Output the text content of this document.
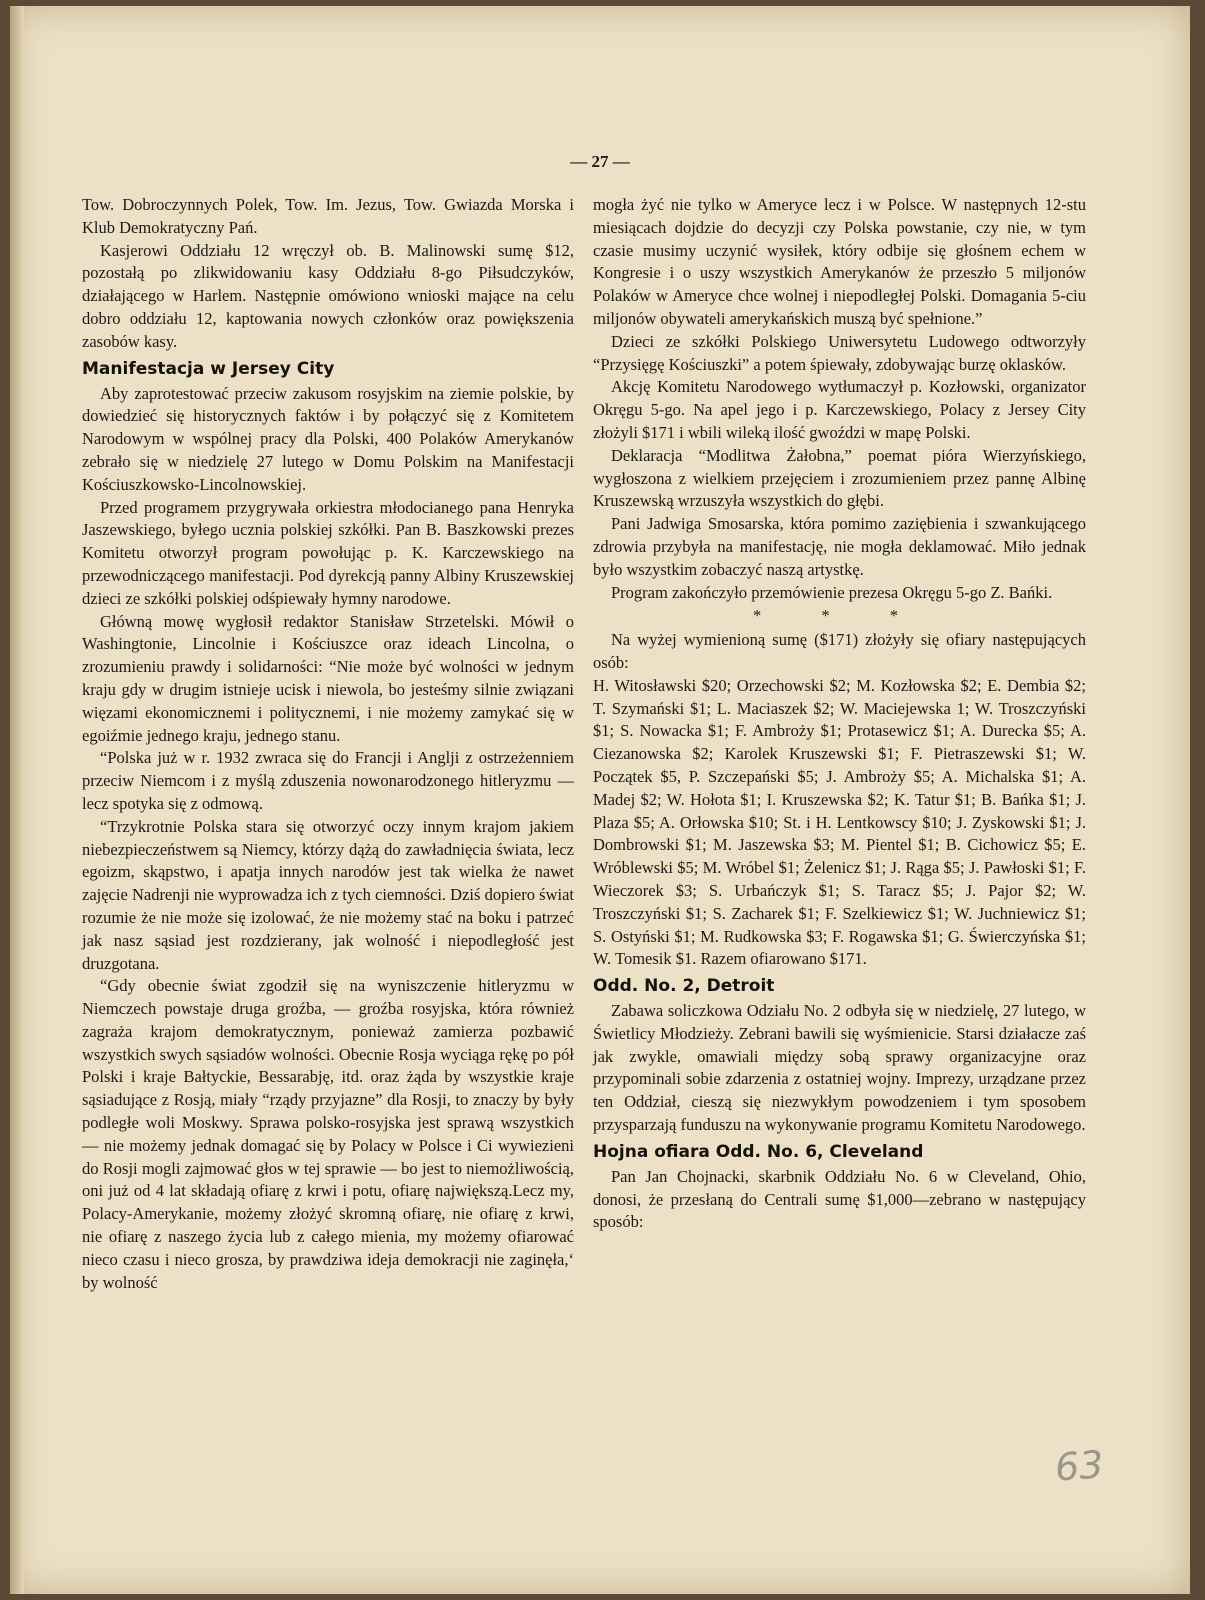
— 27 —

Tow. Dobroczynnych Polek, Tow. Im. Jezus, Tow. Gwiazda Morska i Klub Demokratyczny Pań.

Kasjerowi Oddziału 12 wręczył ob. B. Malinowski sumę $12, pozostałą po zlikwidowaniu kasy Oddziału 8-go Piłsudczyków, działającego w Harlem. Następnie omówiono wnioski mające na celu dobro oddziału 12, kaptowania nowych członków oraz powiększenia zasobów kasy.

Manifestacja w Jersey City

Aby zaprotestować przeciw zakusom rosyjskim na ziemie polskie, by dowiedzieć się historycznych faktów i by połączyć się z Komitetem Narodowym w wspólnej pracy dla Polski, 400 Polaków Amerykanów zebrało się w niedzielę 27 lutego w Domu Polskim na Manifestacji Kościuszkowsko-Lincolnowskiej.

Przed programem przygrywała orkiestra młodocianego pana Henryka Jaszewskiego, byłego ucznia polskiej szkółki. Pan B. Baszkowski prezes Komitetu otworzył program powołując p. K. Karczewskiego na przewodniczącego manifestacji. Pod dyrekcją panny Albiny Kruszewskiej dzieci ze szkółki polskiej odśpiewały hymny narodowe.

Główną mowę wygłosił redaktor Stanisław Strzetelski. Mówił o Washingtonie, Lincolnie i Kościuszce oraz ideach Lincolna, o zrozumieniu prawdy i solidarności: “Nie może być wolności w jednym kraju gdy w drugim istnieje ucisk i niewola, bo jesteśmy silnie związani więzami ekonomicznemi i politycznemi, i nie możemy zamykać się w egoiźmie jednego kraju, jednego stanu.

“Polska już w r. 1932 zwraca się do Francji i Anglji z ostrzeżenniem przeciw Niemcom i z myślą zduszenia nowonarodzonego hitleryzmu — lecz spotyka się z odmową.

“Trzykrotnie Polska stara się otworzyć oczy innym krajom jakiem niebezpieczeństwem są Niemcy, którzy dążą do zawładnięcia świata, lecz egoizm, skąpstwo, i apatja innych narodów jest tak wielka że nawet zajęcie Nadrenji nie wyprowadza ich z tych ciemności. Dziś dopiero świat rozumie że nie może się izolować, że nie możemy stać na boku i patrzeć jak nasz sąsiad jest rozdzierany, jak wolność i niepodległość jest druzgotana.

“Gdy obecnie świat zgodził się na wyniszczenie hitleryzmu w Niemczech powstaje druga groźba, — groźba rosyjska, która również zagraża krajom demokratycznym, ponieważ zamierza pozbawić wszystkich swych sąsiadów wolności. Obecnie Rosja wyciąga rękę po pół Polski i kraje Bałtyckie, Bessarabję, itd. oraz żąda by wszystkie kraje sąsiadujące z Rosją, miały “rządy przyjazne” dla Rosji, to znaczy by były podległe woli Moskwy. Sprawa polsko-rosyjska jest sprawą wszystkich — nie możemy jednak domagać się by Polacy w Polsce i Ci wywiezieni do Rosji mogli zajmować głos w tej sprawie — bo jest to niemożliwością, oni już od 4 lat składają ofiarę z krwi i potu, ofiarę największą.Lecz my, Polacy-Amerykanie, możemy złożyć skromną ofiarę, nie ofiarę z krwi, nie ofiarę z naszego życia lub z całego mienia, my możemy ofiarować nieco czasu i nieco grosza, by prawdziwa ideja demokracji nie zaginęła,‘ by wolność

mogła żyć nie tylko w Ameryce lecz i w Polsce. W następnych 12-stu miesiącach dojdzie do decyzji czy Polska powstanie, czy nie, w tym czasie musimy uczynić wysiłek, który odbije się głośnem echem w Kongresie i o uszy wszystkich Amerykanów że przeszło 5 miljonów Polaków w Ameryce chce wolnej i niepodległej Polski. Domagania 5-ciu miljonów obywateli amerykańskich muszą być spełnione.”

Dzieci ze szkółki Polskiego Uniwersytetu Ludowego odtworzyły “Przysięgę Kościuszki” a potem śpiewały, zdobywając burzę oklasków.

Akcję Komitetu Narodowego wytłumaczył p. Kozłowski, organizator Okręgu 5-go. Na apel jego i p. Karczewskiego, Polacy z Jersey City złożyli $171 i wbili wileką ilość gwoździ w mapę Polski.

Deklaracja “Modlitwa Żałobna,” poemat pióra Wierzyńskiego, wygłoszona z wielkiem przejęciem i zrozumieniem przez pannę Albinę Kruszewską wrzuszyła wszystkich do głębi.

Pani Jadwiga Smosarska, która pomimo zaziębienia i szwankującego zdrowia przybyła na manifestację, nie mogła deklamować. Miło jednak było wszystkim zobaczyć naszą artystkę.

Program zakończyło przemówienie prezesa Okręgu 5-go Z. Bańki.

* * *

Na wyżej wymienioną sumę ($171) złożyły się ofiary następujących osób:

H. Witosławski $20; Orzechowski $2; M. Kozłowska $2; E. Dembia $2; T. Szymański $1; L. Maciaszek $2; W. Maciejewska 1; W. Troszczyński $1; S. Nowacka $1; F. Ambroży $1; Protasewicz $1; A. Durecka $5; A. Ciezanowska $2; Karolek Kruszewski $1; F. Pietraszewski $1; W. Początek $5, P. Szczepański $5; J. Ambroży $5; A. Michalska $1; A. Madej $2; W. Hołota $1; I. Kruszewska $2; K. Tatur $1; B. Bańka $1; J. Plaza $5; A. Orłowska $10; St. i H. Lentkowscy $10; J. Zyskowski $1; J. Dombrowski $1; M. Jaszewska $3; M. Pientel $1; B. Cichowicz $5; E. Wróblewski $5; M. Wróbel $1; Żelenicz $1; J. Rąga $5; J. Pawłoski $1; F. Wieczorek $3; S. Urbańczyk $1; S. Taracz $5; J. Pajor $2; W. Troszczyński $1; S. Zacharek $1; F. Szelkiewicz $1; W. Juchniewicz $1; S. Ostyński $1; M. Rudkowska $3; F. Rogawska $1; G. Świerczyńska $1; W. Tomesik $1. Razem ofiarowano $171.

Odd. No. 2, Detroit

Zabawa soliczkowa Odziału No. 2 odbyła się w niedzielę, 27 lutego, w Świetlicy Młodzieży. Zebrani bawili się wyśmienicie. Starsi działacze zaś jak zwykle, omawiali między sobą sprawy organizacyjne oraz przypominali sobie zdarzenia z ostatniej wojny. Imprezy, urządzane przez ten Oddział, cieszą się niezwykłym powodzeniem i tym sposobem przysparzają funduszu na wykonywanie programu Komitetu Narodowego.

Hojna ofiara Odd. No. 6, Cleveland

Pan Jan Chojnacki, skarbnik Oddziału No. 6 w Cleveland, Ohio, donosi, że przesłaną do Centrali sumę $1,000—zebrano w następujący sposób:

63
